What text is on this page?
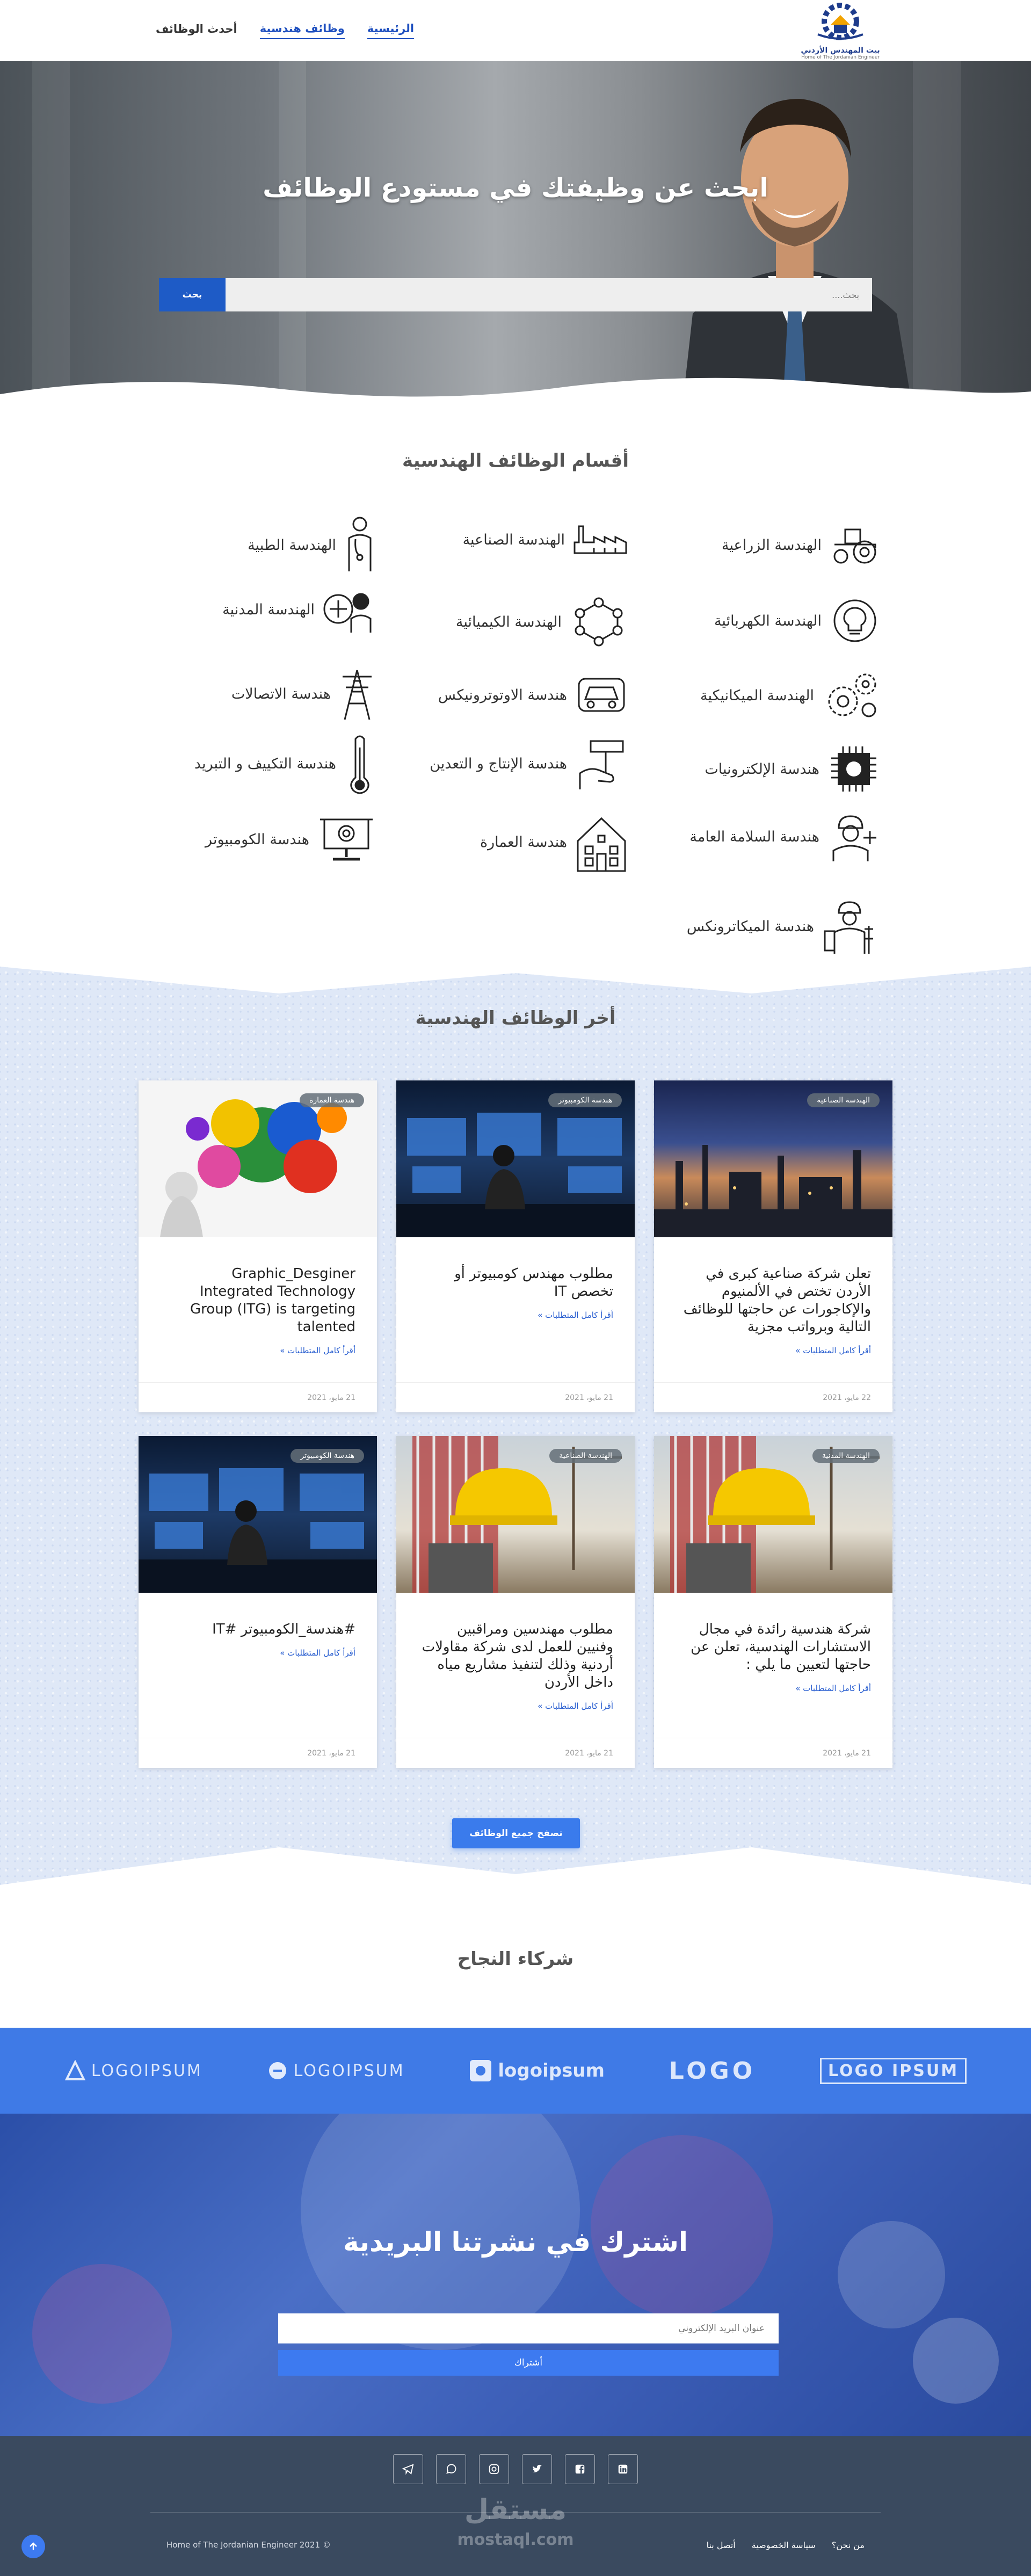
بيت المهندس الأردني
Home of The Jordanian Engineer
الرئيسية
وظائف هندسية
أحدث الوظائف
ابحث عن وظيفتك في مستودع الوظائف
بحث....
بحث
أقسام الوظائف الهندسية
الهندسة الزراعية
الهندسة الصناعية
الهندسة الطبية
الهندسة الكهربائية
الهندسة الكيميائية
الهندسة المدنية
الهندسة الميكانيكية
هندسة الاوتوترونيكس
هندسة الاتصالات
هندسة الإلكترونيات
هندسة الإنتاج و التعدين
هندسة التكييف و التبريد
هندسة السلامة العامة
هندسة العمارة
هندسة الكومبيوتر
هندسة الميكاترونكس
أخر الوظائف الهندسية
الهندسة الصناعية
تعلن شركة صناعية كبرى في الأردن تختص في الألمنيوم والإكاجورات عن حاجتها للوظائف التالية وبرواتب مجزية
أقرأ كامل المتطلبات »
22 مايو، 2021
هندسة الكومبيوتر
مطلوب مهندس كومبيوتر أو تخصص IT
أقرأ كامل المتطلبات »
21 مايو، 2021
هندسة العمارة
Graphic_Desginer Integrated Technology Group (ITG) is targeting talented
أقرأ كامل المتطلبات »
21 مايو، 2021
الهندسة المدنية
شركة هندسية رائدة في مجال الاستشارات الهندسية، تعلن عن حاجتها لتعيين ما يلي :
أقرأ كامل المتطلبات »
21 مايو، 2021
الهندسة الصناعية
مطلوب مهندسين ومراقبين وفنيين للعمل لدى شركة مقاولات أردنية وذلك لتنفيذ مشاريع مياه داخل الأردن
أقرأ كامل المتطلبات »
21 مايو، 2021
هندسة الكومبيوتر
#هندسة_الكومبيوتر #IT
أقرأ كامل المتطلبات »
21 مايو، 2021
تصفح جميع الوظائف
شركاء النجاح
LOGOIPSUM	LOGOIPSUM	logoipsum	LOGO	LOGO IPSUM
اشترك في نشرتنا البريدية
عنوان البريد الإلكتروني
أشتراك
مستقل
mostaql.com	من نحن؟
سياسة الخصوصية
أتصل بنا
Home of The Jordanian Engineer 2021 ©
